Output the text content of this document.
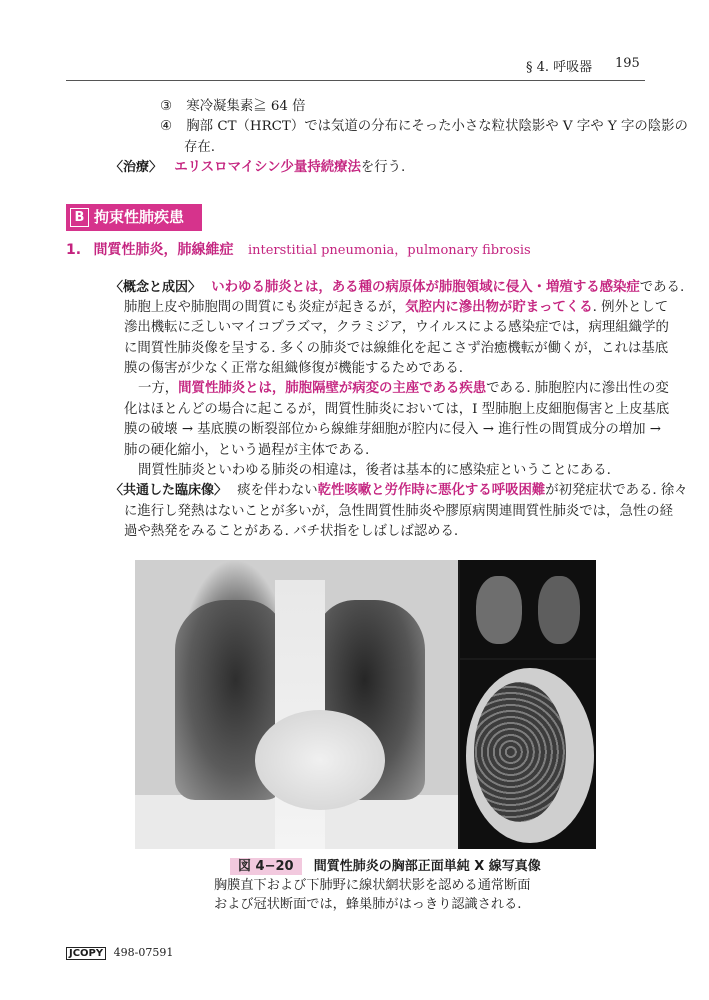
§ 4. 呼吸器 195
③ 寒冷凝集素≧ 64 倍
④ 胸部 CT（HRCT）では気道の分布にそった小さな粒状陰影や V 字や Y 字の陰影の
存在.
〈治療〉 エリスロマイシン少量持続療法を行う.
B 拘束性肺疾患
1. 間質性肺炎，肺線維症 interstitial pneumonia，pulmonary fibrosis
〈概念と成因〉 いわゆる肺炎とは，ある種の病原体が肺胞領域に侵入・増殖する感染症である.
肺胞上皮や肺胞間の間質にも炎症が起きるが，気腔内に滲出物が貯まってくる. 例外として
滲出機転に乏しいマイコプラズマ，クラミジア，ウイルスによる感染症では，病理組織学的
に間質性肺炎像を呈する. 多くの肺炎では線維化を起こさず治癒機転が働くが，これは基底
膜の傷害が少なく正常な組織修復が機能するためである.
一方，間質性肺炎とは，肺胞隔壁が病変の主座である疾患である. 肺胞腔内に滲出性の変
化はほとんどの場合に起こるが，間質性肺炎においては，I 型肺胞上皮細胞傷害と上皮基底
膜の破壊 → 基底膜の断裂部位から線維芽細胞が腔内に侵入 → 進行性の間質成分の増加 →
肺の硬化縮小，という過程が主体である.
間質性肺炎といわゆる肺炎の相違は，後者は基本的に感染症ということにある.
〈共通した臨床像〉 痰を伴わない乾性咳嗽と労作時に悪化する呼吸困難が初発症状である. 徐々
に進行し発熱はないことが多いが，急性間質性肺炎や膠原病関連間質性肺炎では，急性の経
過や熱発をみることがある. バチ状指をしばしば認める.
図 4−20 間質性肺炎の胸部正面単純 X 線写真像
胸膜直下および下肺野に線状網状影を認める通常断面
および冠状断面では，蜂巣肺がはっきり認識される.
JCOPY 498-07591
